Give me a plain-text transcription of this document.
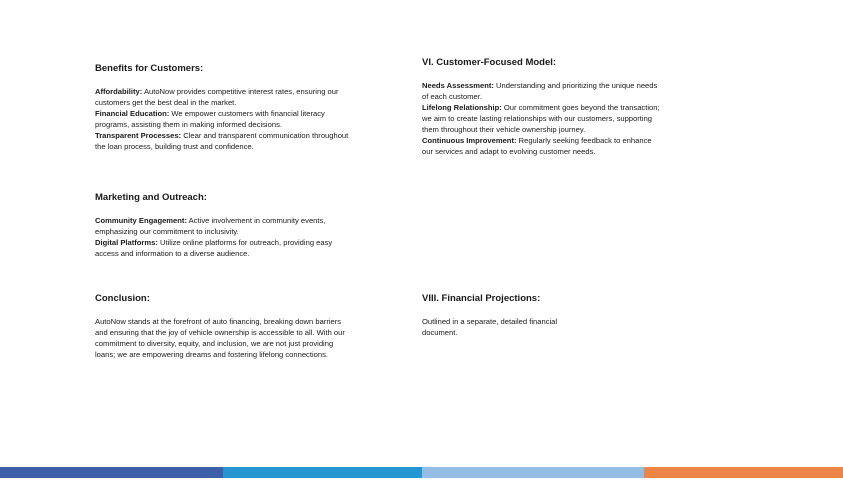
Benefits for Customers:

Affordability: AutoNow provides competitive interest rates, ensuring our customers get the best deal in the market.

Financial Education: We empower customers with financial literacy programs, assisting them in making informed decisions.

Transparent Processes: Clear and transparent communication throughout the loan process, building trust and confidence.

Marketing and Outreach:

Community Engagement: Active involvement in community events, emphasizing our commitment to inclusivity.

Digital Platforms: Utilize online platforms for outreach, providing easy access and information to a diverse audience.

Conclusion:

AutoNow stands at the forefront of auto financing, breaking down barriers and ensuring that the joy of vehicle ownership is accessible to all. With our commitment to diversity, equity, and inclusion, we are not just providing loans; we are empowering dreams and fostering lifelong connections.

VI. Customer-Focused Model:

Needs Assessment: Understanding and prioritizing the unique needs of each customer.

Lifelong Relationship: Our commitment goes beyond the transaction; we aim to create lasting relationships with our customers, supporting them throughout their vehicle ownership journey.

Continuous Improvement: Regularly seeking feedback to enhance our services and adapt to evolving customer needs.

VIII. Financial Projections:

Outlined in a separate, detailed financial document.
